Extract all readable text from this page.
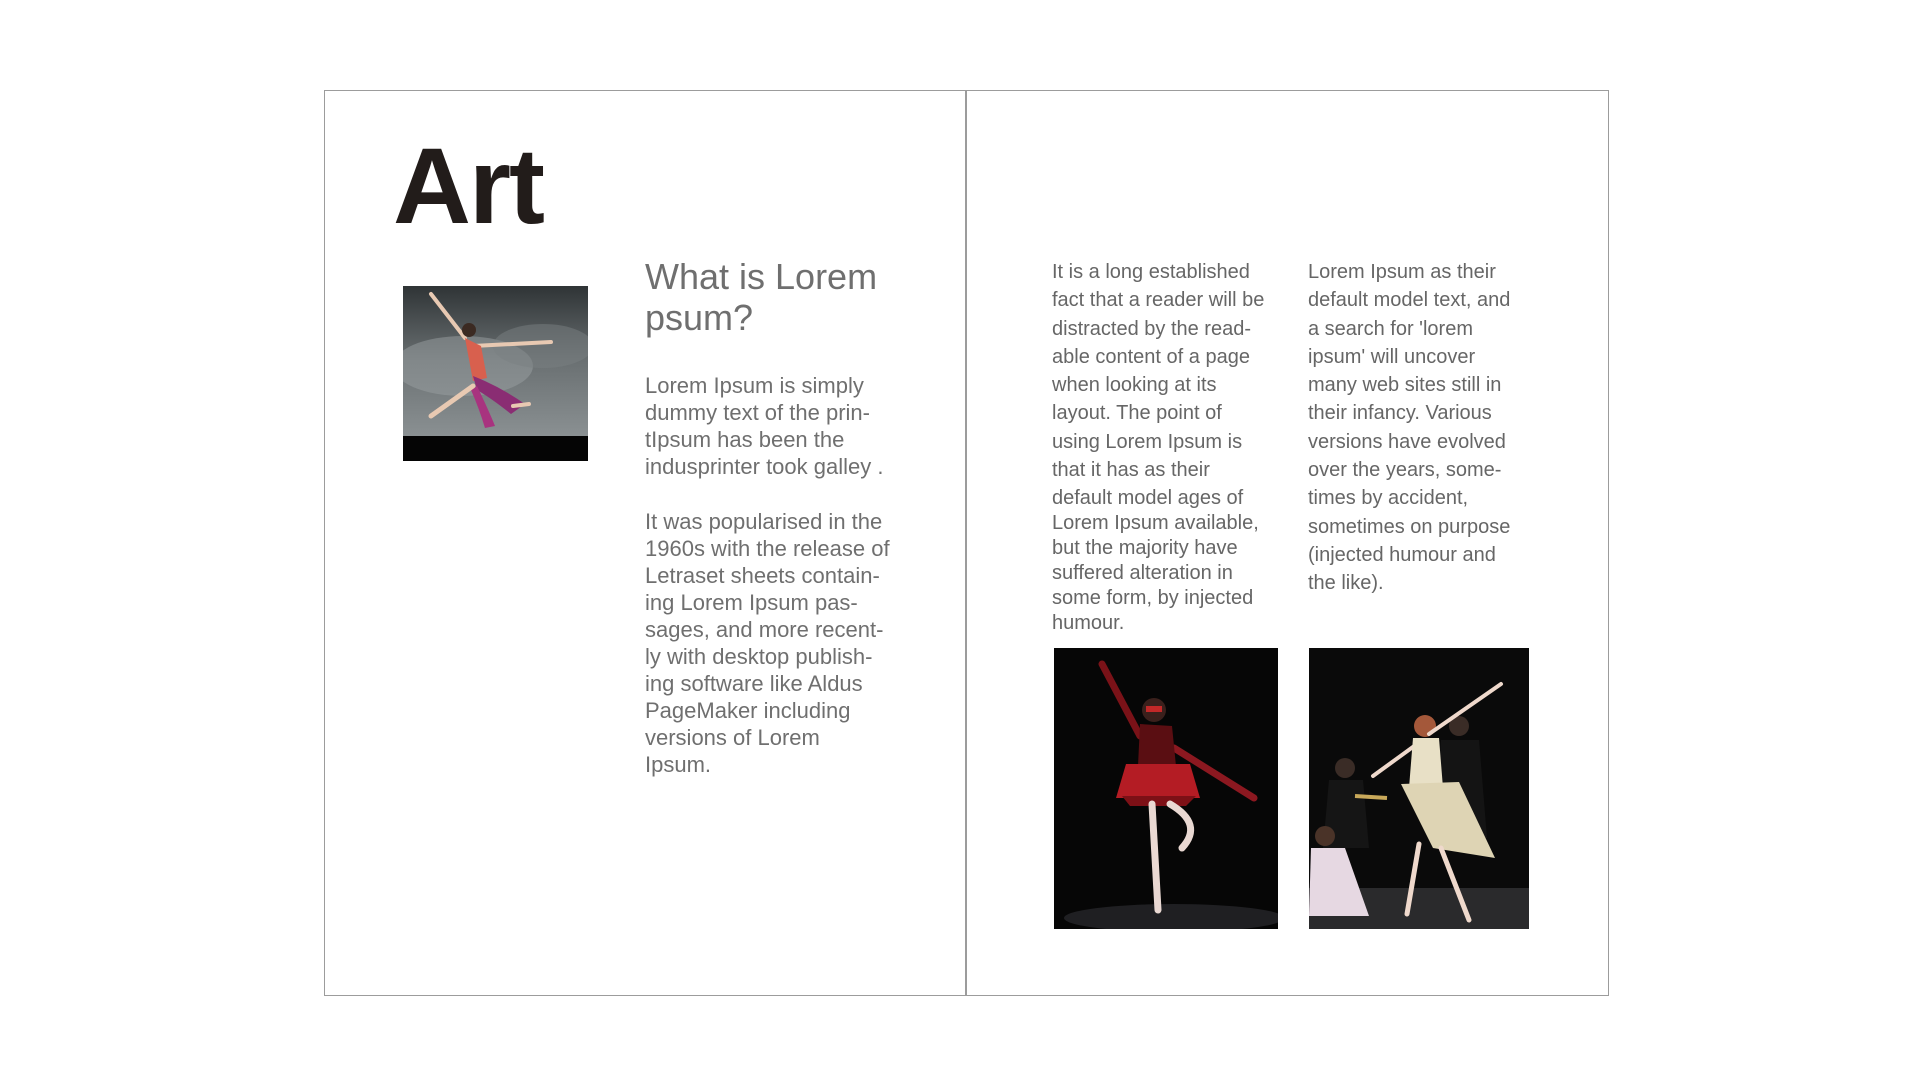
Art
What is Lorem psum?

Lorem Ipsum is simply
dummy text of the prin-
tIpsum has been the
indusprinter took galley .

It was popularised in the
1960s with the release of
Letraset sheets contain-
ing Lorem Ipsum pas-
sages, and more recent-
ly with desktop publish-
ing software like Aldus
PageMaker including
versions of Lorem
Ipsum.

It is a long established
fact that a reader will be
distracted by the read-
able content of a page
when looking at its
layout. The point of
using Lorem Ipsum is
that it has as their
default model ages of

Lorem Ipsum available,
but the majority have
suffered alteration in
some form, by injected
humour.

Lorem Ipsum as their
default model text, and
a search for 'lorem
ipsum' will uncover
many web sites still in
their infancy. Various
versions have evolved
over the years, some-
times by accident,
sometimes on purpose
(injected humour and
the like).
